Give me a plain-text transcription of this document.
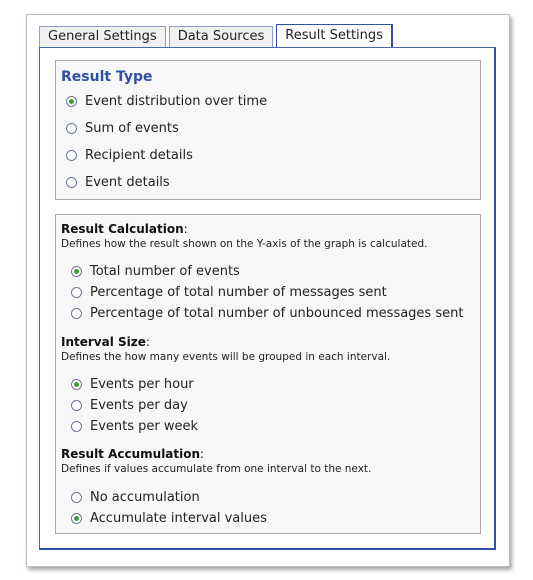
General Settings	Data Sources	Result Settings
Result Type
Event distribution over time
Sum of events
Recipient details
Event details
Result Calculation:
Defines how the result shown on the Y-axis of the graph is calculated.
Total number of events
Percentage of total number of messages sent
Percentage of total number of unbounced messages sent
Interval Size:
Defines the how many events will be grouped in each interval.
Events per hour
Events per day
Events per week
Result Accumulation:
Defines if values accumulate from one interval to the next.
No accumulation
Accumulate interval values
